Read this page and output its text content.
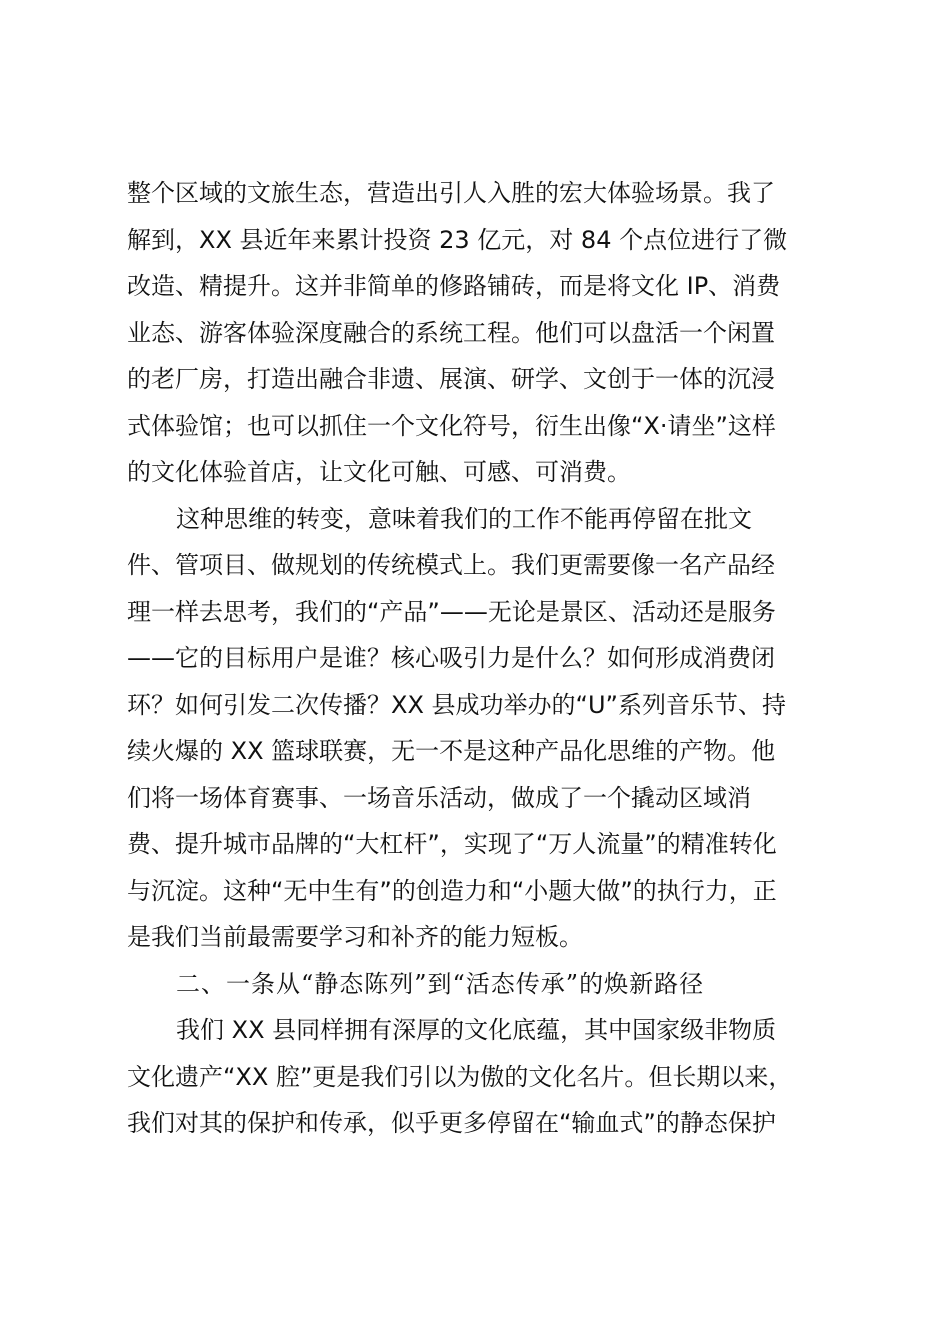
整个区域的文旅生态，营造出引人入胜的宏大体验场景。我了
解到，XX 县近年来累计投资 23 亿元，对 84 个点位进行了微
改造、精提升。这并非简单的修路铺砖，而是将文化 IP、消费
业态、游客体验深度融合的系统工程。他们可以盘活一个闲置
的老厂房，打造出融合非遗、展演、研学、文创于一体的沉浸
式体验馆；也可以抓住一个文化符号，衍生出像“X·请坐”这样
的文化体验首店，让文化可触、可感、可消费。

这种思维的转变，意味着我们的工作不能再停留在批文
件、管项目、做规划的传统模式上。我们更需要像一名产品经
理一样去思考，我们的“产品”——无论是景区、活动还是服务
——它的目标用户是谁？核心吸引力是什么？如何形成消费闭
环？如何引发二次传播？XX 县成功举办的“U”系列音乐节、持
续火爆的 XX 篮球联赛，无一不是这种产品化思维的产物。他
们将一场体育赛事、一场音乐活动，做成了一个撬动区域消
费、提升城市品牌的“大杠杆”，实现了“万人流量”的精准转化
与沉淀。这种“无中生有”的创造力和“小题大做”的执行力，正
是我们当前最需要学习和补齐的能力短板。

二、一条从“静态陈列”到“活态传承”的焕新路径

我们 XX 县同样拥有深厚的文化底蕴，其中国家级非物质
文化遗产“XX 腔”更是我们引以为傲的文化名片。但长期以来，
我们对其的保护和传承，似乎更多停留在“输血式”的静态保护
